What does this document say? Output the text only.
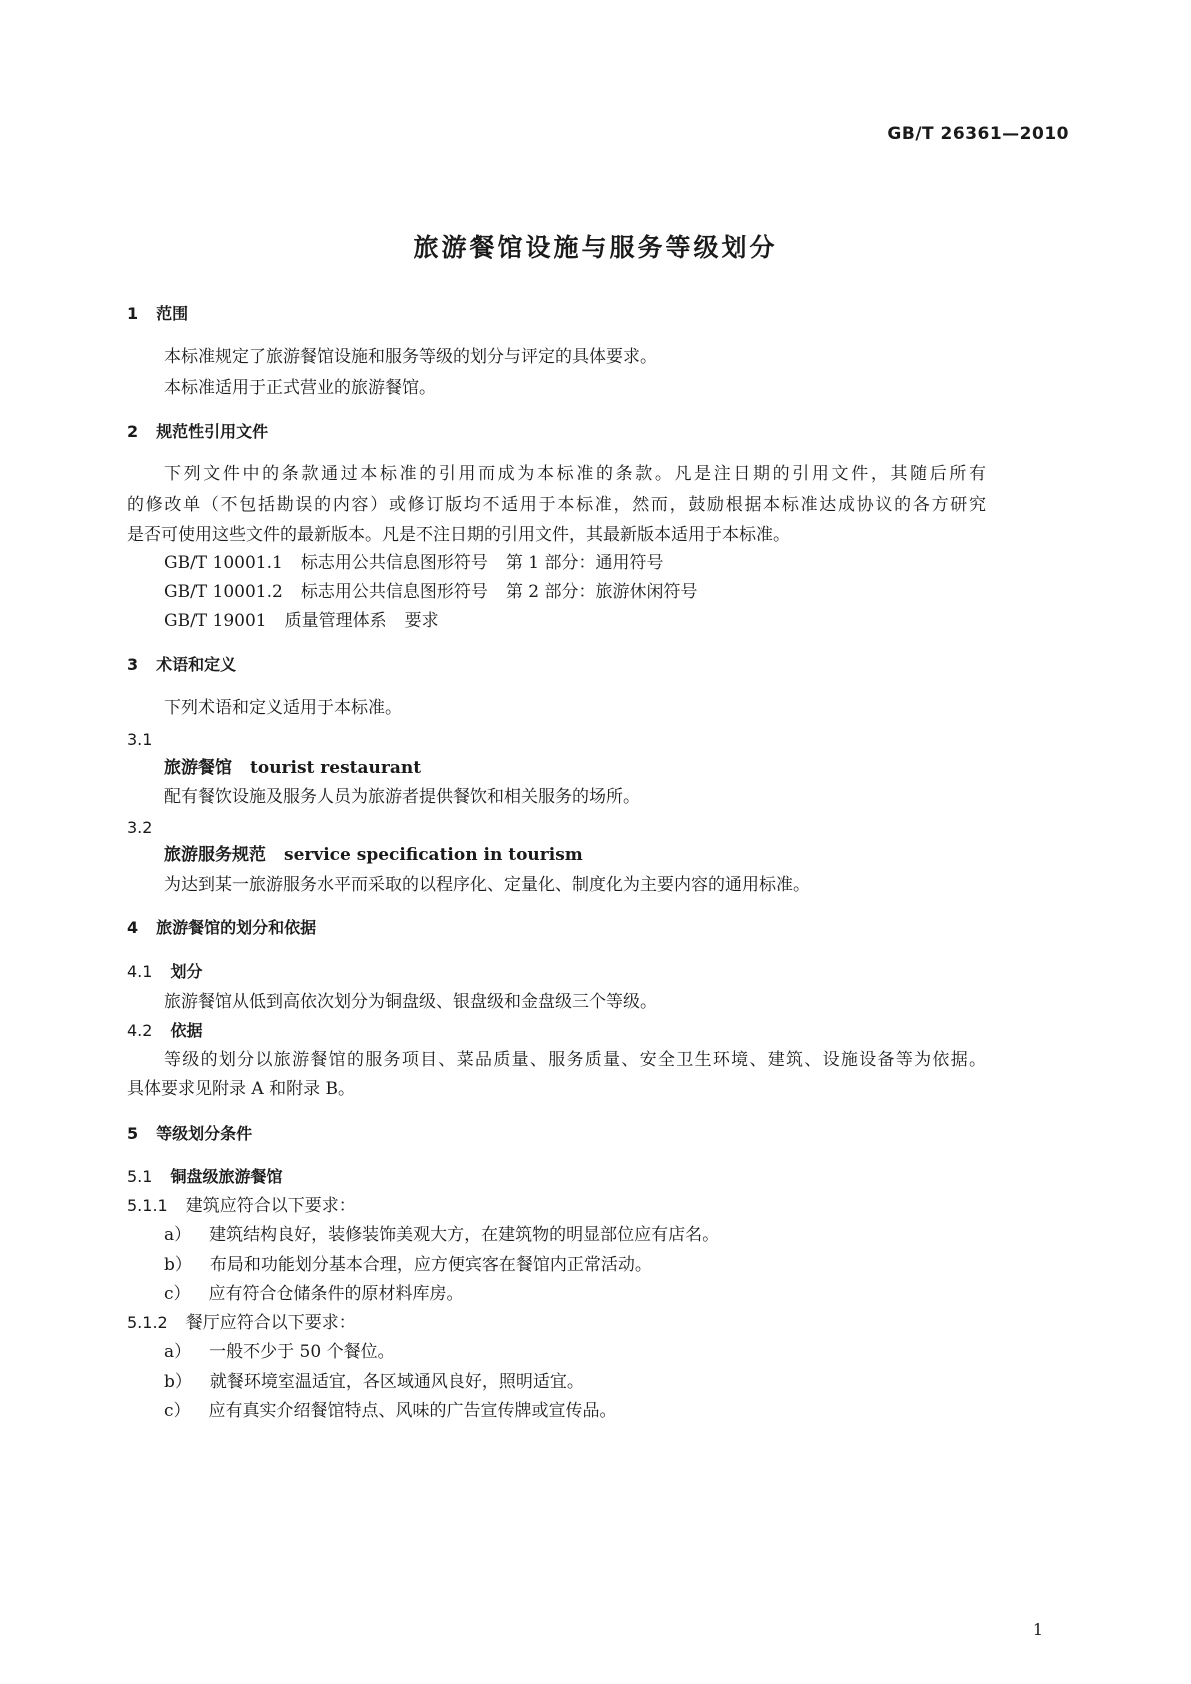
GB/T 26361—2010
旅游餐馆设施与服务等级划分
1 范围
本标准规定了旅游餐馆设施和服务等级的划分与评定的具体要求。
本标准适用于正式营业的旅游餐馆。
2 规范性引用文件
下列文件中的条款通过本标准的引用而成为本标准的条款。凡是注日期的引用文件，其随后所有
的修改单（不包括勘误的内容）或修订版均不适用于本标准，然而，鼓励根据本标准达成协议的各方研究
是否可使用这些文件的最新版本。凡是不注日期的引用文件，其最新版本适用于本标准。
GB/T 10001.1 标志用公共信息图形符号 第 1 部分：通用符号
GB/T 10001.2 标志用公共信息图形符号 第 2 部分：旅游休闲符号
GB/T 19001 质量管理体系 要求
3 术语和定义
下列术语和定义适用于本标准。
3.1
旅游餐馆 tourist restaurant
配有餐饮设施及服务人员为旅游者提供餐饮和相关服务的场所。
3.2
旅游服务规范 service specification in tourism
为达到某一旅游服务水平而采取的以程序化、定量化、制度化为主要内容的通用标准。
4 旅游餐馆的划分和依据
4.1 划分
旅游餐馆从低到高依次划分为铜盘级、银盘级和金盘级三个等级。
4.2 依据
等级的划分以旅游餐馆的服务项目、菜品质量、服务质量、安全卫生环境、建筑、设施设备等为依据。
具体要求见附录 A 和附录 B。
5 等级划分条件
5.1 铜盘级旅游餐馆
5.1.1 建筑应符合以下要求：
a） 建筑结构良好，装修装饰美观大方，在建筑物的明显部位应有店名。
b） 布局和功能划分基本合理，应方便宾客在餐馆内正常活动。
c） 应有符合仓储条件的原材料库房。
5.1.2 餐厅应符合以下要求：
a） 一般不少于 50 个餐位。
b） 就餐环境室温适宜，各区域通风良好，照明适宜。
c） 应有真实介绍餐馆特点、风味的广告宣传牌或宣传品。
1
